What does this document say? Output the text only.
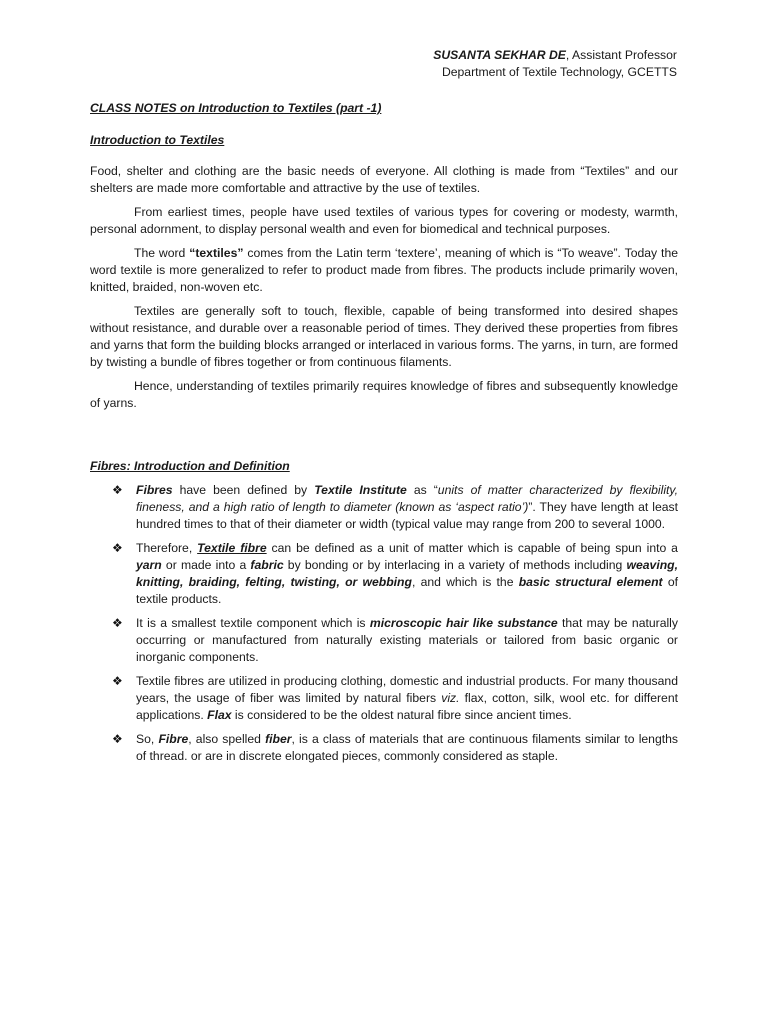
SUSANTA SEKHAR DE, Assistant Professor
Department of Textile Technology, GCETTS
CLASS NOTES on Introduction to Textiles (part -1)
Introduction to Textiles

Food, shelter and clothing are the basic needs of everyone. All clothing is made from “Textiles” and our shelters are made more comfortable and attractive by the use of textiles.

From earliest times, people have used textiles of various types for covering or modesty, warmth, personal adornment, to display personal wealth and even for biomedical and technical purposes.

The word “textiles” comes from the Latin term ‘textere’, meaning of which is “To weave”. Today the word textile is more generalized to refer to product made from fibres. The products include primarily woven, knitted, braided, non-woven etc.

Textiles are generally soft to touch, flexible, capable of being transformed into desired shapes without resistance, and durable over a reasonable period of times. They derived these properties from fibres and yarns that form the building blocks arranged or interlaced in various forms. The yarns, in turn, are formed by twisting a bundle of fibres together or from continuous filaments.

Hence, understanding of textiles primarily requires knowledge of fibres and subsequently knowledge of yarns.

Fibres: Introduction and Definition
❖ Fibres have been defined by Textile Institute as “units of matter characterized by flexibility, fineness, and a high ratio of length to diameter (known as ‘aspect ratio’)”. They have length at least hundred times to that of their diameter or width (typical value may range from 200 to several 1000.

❖ Therefore, Textile fibre can be defined as a unit of matter which is capable of being spun into a yarn or made into a fabric by bonding or by interlacing in a variety of methods including weaving, knitting, braiding, felting, twisting, or webbing, and which is the basic structural element of textile products.

❖ It is a smallest textile component which is microscopic hair like substance that may be naturally occurring or manufactured from naturally existing materials or tailored from basic organic or inorganic components.

❖ Textile fibres are utilized in producing clothing, domestic and industrial products. For many thousand years, the usage of fiber was limited by natural fibers viz. flax, cotton, silk, wool etc. for different applications. Flax is considered to be the oldest natural fibre since ancient times.

❖ So, Fibre, also spelled fiber, is a class of materials that are continuous filaments similar to lengths of thread. or are in discrete elongated pieces, commonly considered as staple.
